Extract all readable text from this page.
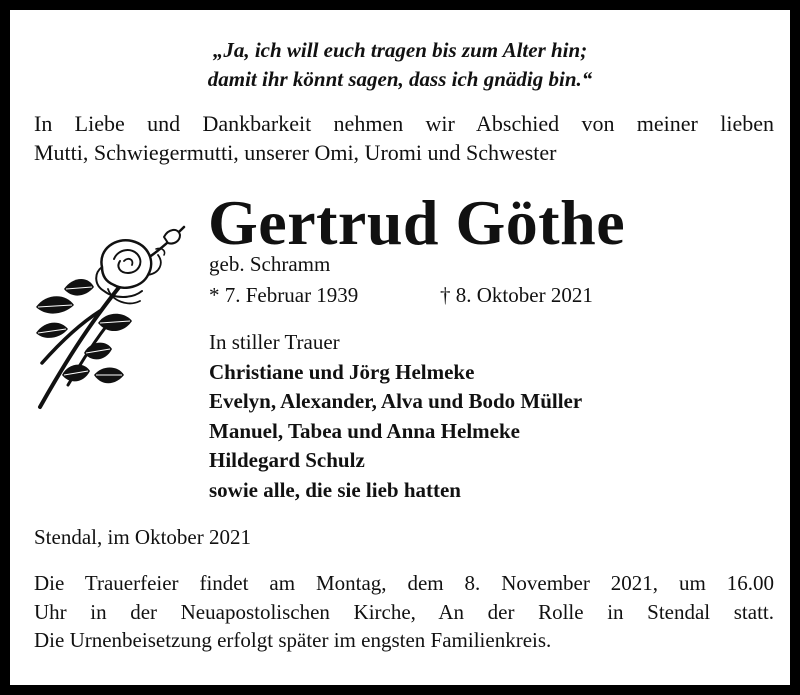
„Ja, ich will euch tragen bis zum Alter hin;
damit ihr könnt sagen, dass ich gnädig bin.“
In Liebe und Dankbarkeit nehmen wir Abschied von meiner lieben
Mutti, Schwiegermutti, unserer Omi, Uromi und Schwester
Gertrud Göthe
geb. Schramm
* 7. Februar 1939	† 8. Oktober 2021
In stiller Trauer
Christiane und Jörg Helmeke
Evelyn, Alexander, Alva und Bodo Müller
Manuel, Tabea und Anna Helmeke
Hildegard Schulz
sowie alle, die sie lieb hatten
Stendal, im Oktober 2021
Die Trauerfeier findet am Montag, dem 8. November 2021, um 16.00
Uhr in der Neuapostolischen Kirche, An der Rolle in Stendal statt.
Die Urnenbeisetzung erfolgt später im engsten Familienkreis.
